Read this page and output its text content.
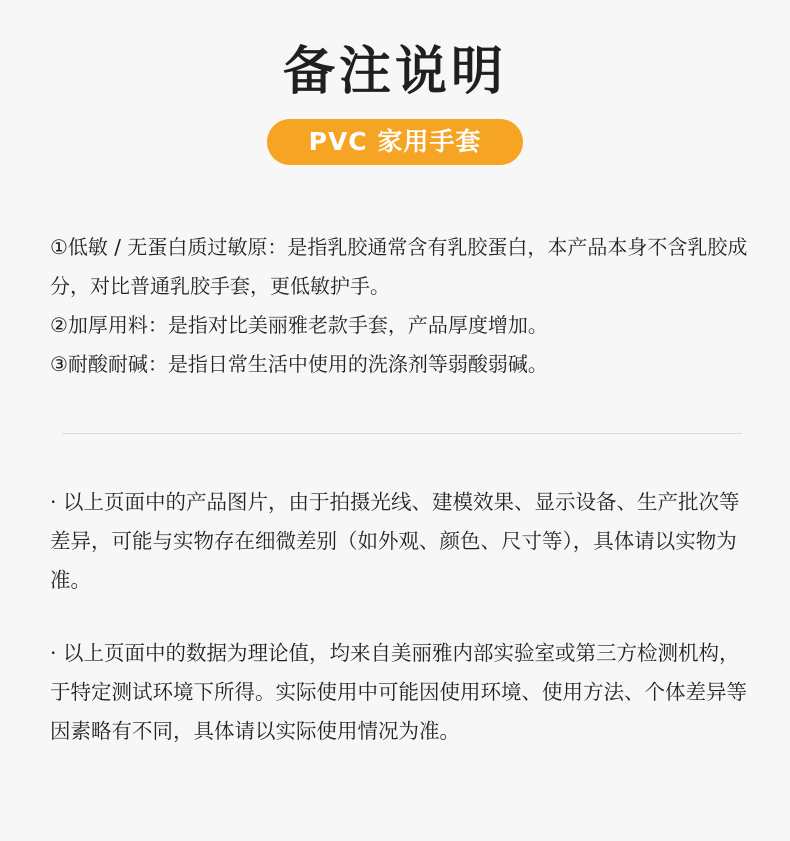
备注说明
PVC 家用手套

①低敏 / 无蛋白质过敏原：是指乳胶通常含有乳胶蛋白，本产品本身不含乳胶成分，对比普通乳胶手套，更低敏护手。

②加厚用料：是指对比美丽雅老款手套，产品厚度增加。

③耐酸耐碱：是指日常生活中使用的洗涤剂等弱酸弱碱。

· 以上页面中的产品图片，由于拍摄光线、建模效果、显示设备、生产批次等差异，可能与实物存在细微差别（如外观、颜色、尺寸等），具体请以实物为准。

· 以上页面中的数据为理论值，均来自美丽雅内部实验室或第三方检测机构，于特定测试环境下所得。实际使用中可能因使用环境、使用方法、个体差异等因素略有不同，具体请以实际使用情况为准。
